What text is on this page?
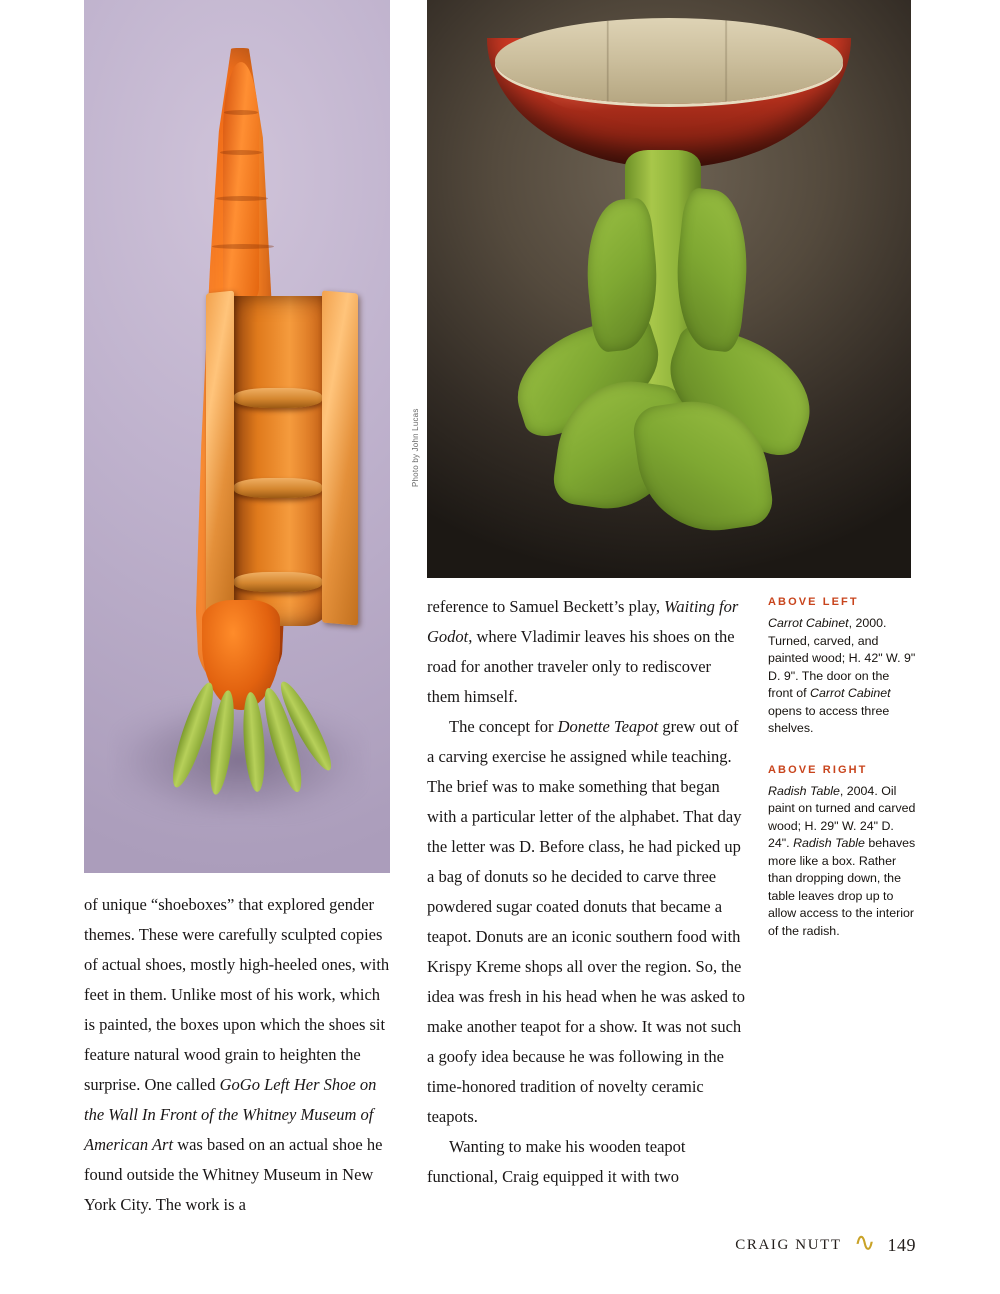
Photo by John Lucas

of unique “shoeboxes” that explored gender themes. These were carefully sculpted copies of actual shoes, mostly high-heeled ones, with feet in them. Unlike most of his work, which is painted, the boxes upon which the shoes sit feature natural wood grain to heighten the surprise. One called GoGo Left Her Shoe on the Wall In Front of the Whitney Museum of American Art was based on an actual shoe he found outside the Whitney Museum in New York City. The work is a

reference to Samuel Beckett’s play, Waiting for Godot, where Vladimir leaves his shoes on the road for another traveler only to rediscover them himself.

The concept for Donette Teapot grew out of a carving exercise he assigned while teaching. The brief was to make something that began with a particular letter of the alphabet. That day the letter was D. Before class, he had picked up a bag of donuts so he decided to carve three powdered sugar coated donuts that became a teapot. Donuts are an iconic southern food with Krispy Kreme shops all over the region. So, the idea was fresh in his head when he was asked to make another teapot for a show. It was not such a goofy idea because he was following in the time-honored tradition of novelty ceramic teapots.

Wanting to make his wooden teapot functional, Craig equipped it with two

ABOVE LEFT

Carrot Cabinet, 2000. Turned, carved, and painted wood; H. 42" W. 9" D. 9". The door on the front of Carrot Cabinet opens to access three shelves.

ABOVE RIGHT

Radish Table, 2004. Oil paint on turned and carved wood; H. 29" W. 24" D. 24". Radish Table behaves more like a box. Rather than dropping down, the table leaves drop up to allow access to the interior of the radish.

CRAIG NUTT ∿ 149
